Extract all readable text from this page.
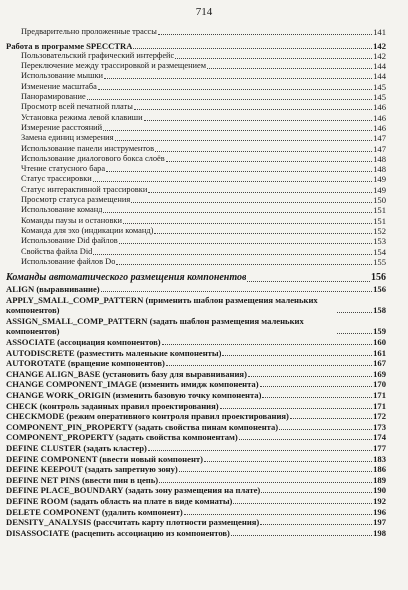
714
Предварительно проложенные трассы	141
Работа в программе SPECCTRA	142
Пользовательский графический интерфейс	142
Переключение между трассировкой и размещением	144
Использование мышки	144
Изменение масштаба	145
Панорамирование	145
Просмотр всей печатной платы	146
Установка режима левой клавиши	146
Измерение расстояний	146
Замена единиц измерения	147
Использование панели инструментов	147
Использование диалогового бокса слоёв	148
Чтение статусного бара	148
Статус трассировки	149
Статус интерактивной трассировки	149
Просмотр статуса размещения	150
Использование команд	151
Команды паузы и остановки	151
Команда для эхо (индикации команд)	152
Использование Did файлов	153
Свойства файла Did	154
Использование файлов Do	155
Команды автоматического размещения компонентов	156
ALIGN (выравнивание)	156
APPLY_SMALL_COMP_PATTERN (применить шаблон размещения маленьких компонентов)	158
ASSIGN_SMALL_COMP_PATTERN (задать шаблон размещения маленьких компонентов)	159
ASSOCIATE (ассоциация компонентов)	160
AUTODISCRETE (разместить маленькие компоненты)	161
AUTOROTATE (вращение компонентов)	167
CHANGE ALIGN_BASE (установить базу для выравнивания)	169
CHANGE COMPONENT_IMAGE (изменить имидж компонента)	170
CHANGE WORK_ORIGIN (изменить базовую точку компонента)	171
CHECK (контроль заданных правил проектирования)	171
CHECKMODE (режим оперативного контроля правил проектирования)	172
COMPONENT_PIN_PROPERTY (задать свойства пинам компонента)	173
COMPONENT_PROPERTY (задать свойства компонентам)	174
DEFINE CLUSTER (задать кластер)	177
DEFINE COMPONENT (ввести новый компонент)	183
DEFINE KEEPOUT (задать запретную зону)	186
DEFINE NET PINS (ввести пин в цепь)	189
DEFINE PLACE_BOUNDARY (задать зону размещения на плате)	190
DEFINE ROOM (задать область на плате в виде комнаты)	192
DELETE COMPONENT (удалить компонент)	196
DENSITY_ANALYSIS (рассчитать карту плотности размещения)	197
DISASSOCIATE (расцепить ассоциацию из компонентов)	198
